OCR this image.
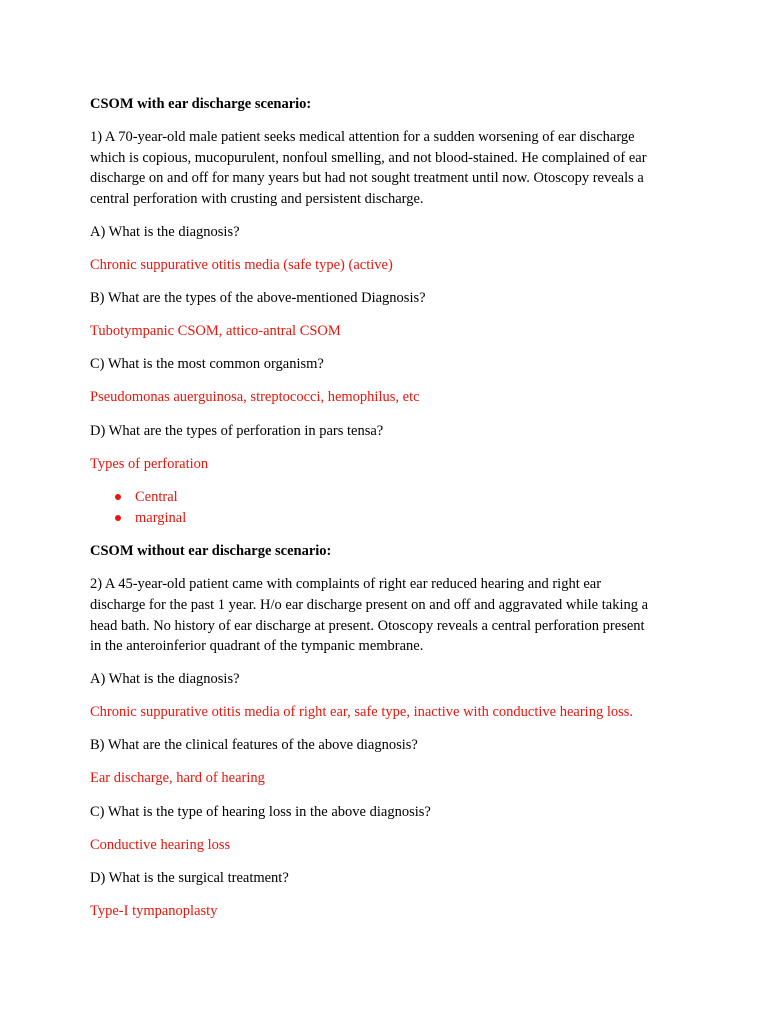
CSOM with ear discharge scenario:
1) A 70-year-old male patient seeks medical attention for a sudden worsening of ear discharge
which is copious, mucopurulent, nonfoul smelling, and not blood-stained. He complained of ear
discharge on and off for many years but had not sought treatment until now. Otoscopy reveals a
central perforation with crusting and persistent discharge.
A) What is the diagnosis?
Chronic suppurative otitis media (safe type) (active)
B) What are the types of the above-mentioned Diagnosis?
Tubotympanic CSOM, attico-antral CSOM
C) What is the most common organism?
Pseudomonas auerguinosa, streptococci, hemophilus, etc
D) What are the types of perforation in pars tensa?
Types of perforation
Central
marginal
CSOM without ear discharge scenario:
2) A 45-year-old patient came with complaints of right ear reduced hearing and right ear
discharge for the past 1 year. H/o ear discharge present on and off and aggravated while taking a
head bath. No history of ear discharge at present. Otoscopy reveals a central perforation present
in the anteroinferior quadrant of the tympanic membrane.
A) What is the diagnosis?
Chronic suppurative otitis media of right ear, safe type, inactive with conductive hearing loss.
B) What are the clinical features of the above diagnosis?
Ear discharge, hard of hearing
C) What is the type of hearing loss in the above diagnosis?
Conductive hearing loss
D) What is the surgical treatment?
Type-I tympanoplasty
